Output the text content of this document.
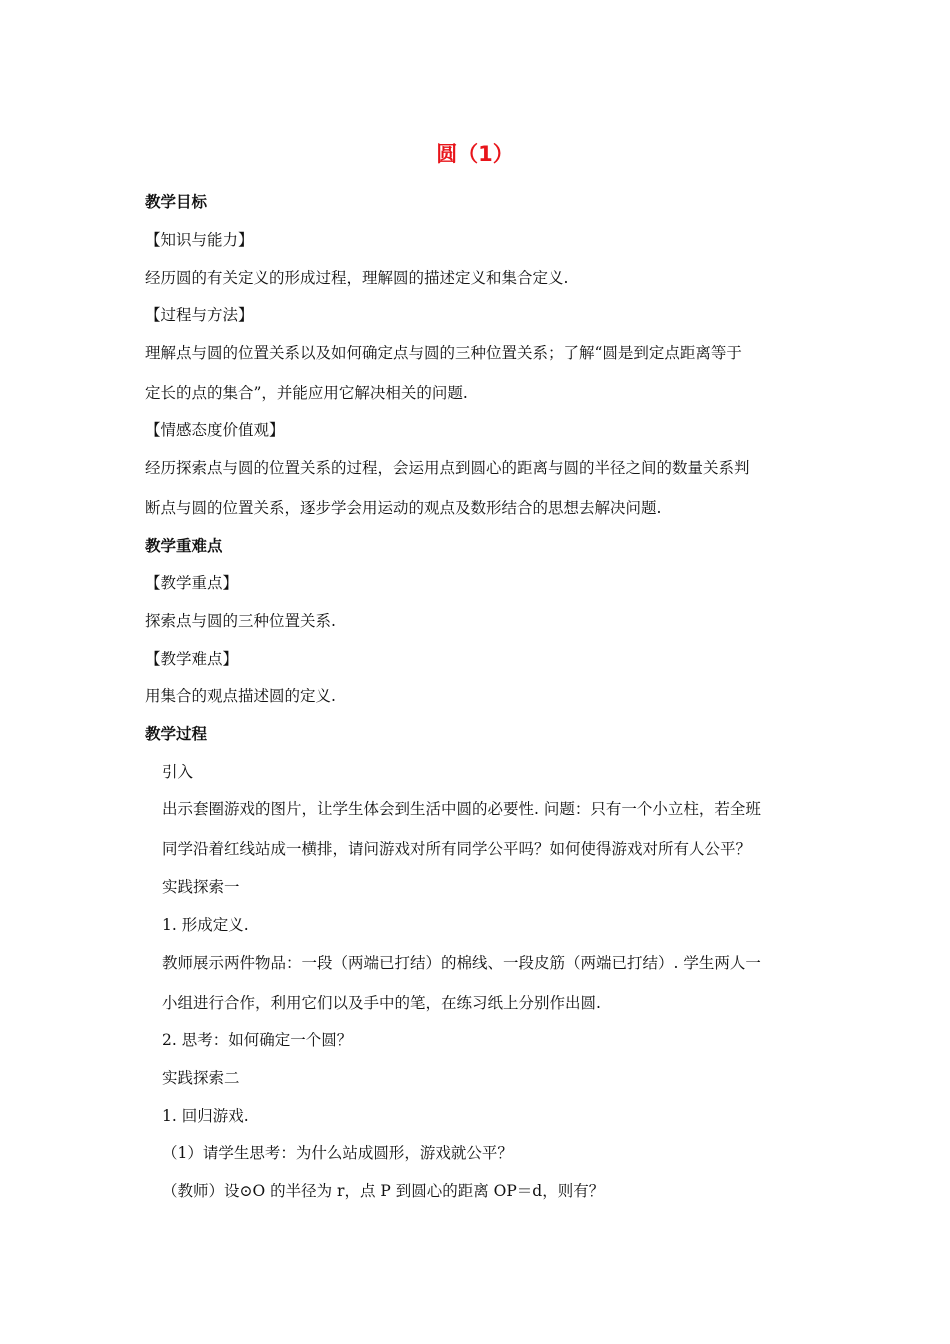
圆（1）
教学目标
【知识与能力】
经历圆的有关定义的形成过程，理解圆的描述定义和集合定义.
【过程与方法】
理解点与圆的位置关系以及如何确定点与圆的三种位置关系；了解“圆是到定点距离等于
定长的点的集合”，并能应用它解决相关的问题.
【情感态度价值观】
经历探索点与圆的位置关系的过程，会运用点到圆心的距离与圆的半径之间的数量关系判
断点与圆的位置关系，逐步学会用运动的观点及数形结合的思想去解决问题.
教学重难点
【教学重点】
探索点与圆的三种位置关系.
【教学难点】
用集合的观点描述圆的定义.
教学过程
引入
出示套圈游戏的图片，让学生体会到生活中圆的必要性. 问题：只有一个小立柱，若全班
同学沿着红线站成一横排，请问游戏对所有同学公平吗？如何使得游戏对所有人公平？
实践探索一
1. 形成定义.
教师展示两件物品：一段（两端已打结）的棉线、一段皮筋（两端已打结）. 学生两人一
小组进行合作，利用它们以及手中的笔，在练习纸上分别作出圆.
2. 思考：如何确定一个圆？
实践探索二
1. 回归游戏.
（1）请学生思考：为什么站成圆形，游戏就公平？
（教师）设⊙O 的半径为 r，点 P 到圆心的距离 OP＝d，则有？
